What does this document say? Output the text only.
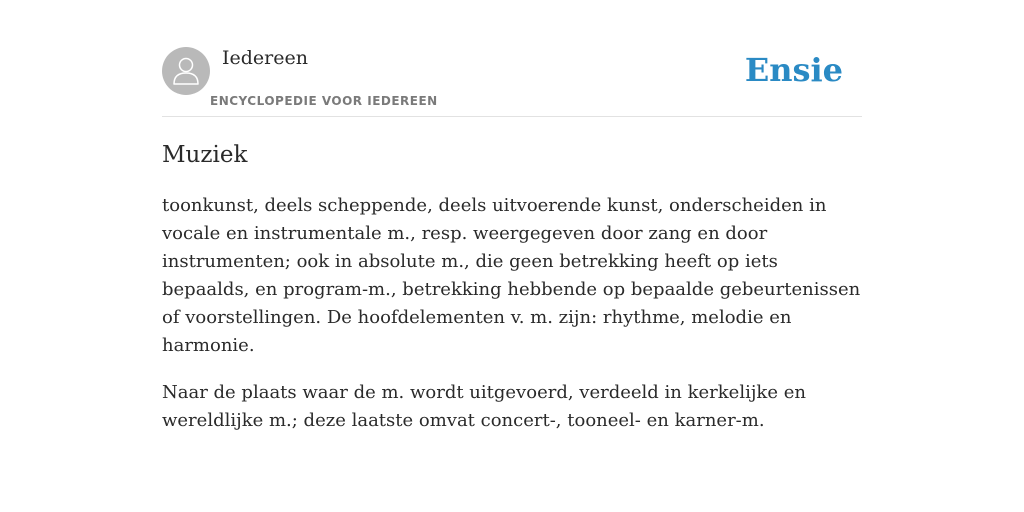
Iedereen
ENCYCLOPEDIE VOOR IEDEREEN
Ensie
Muziek

toonkunst, deels scheppende, deels uitvoerende kunst, onderscheiden in vocale en instrumentale m., resp. weergegeven door zang en door instrumenten; ook in absolute m., die geen betrekking heeft op iets bepaalds, en program-m., betrekking hebbende op bepaalde gebeurtenissen of voorstellingen. De hoofdelementen v. m. zijn: rhythme, melodie en harmonie.

Naar de plaats waar de m. wordt uitgevoerd, verdeeld in kerkelijke en wereldlijke m.; deze laatste omvat concert-, tooneel- en karner-m.
